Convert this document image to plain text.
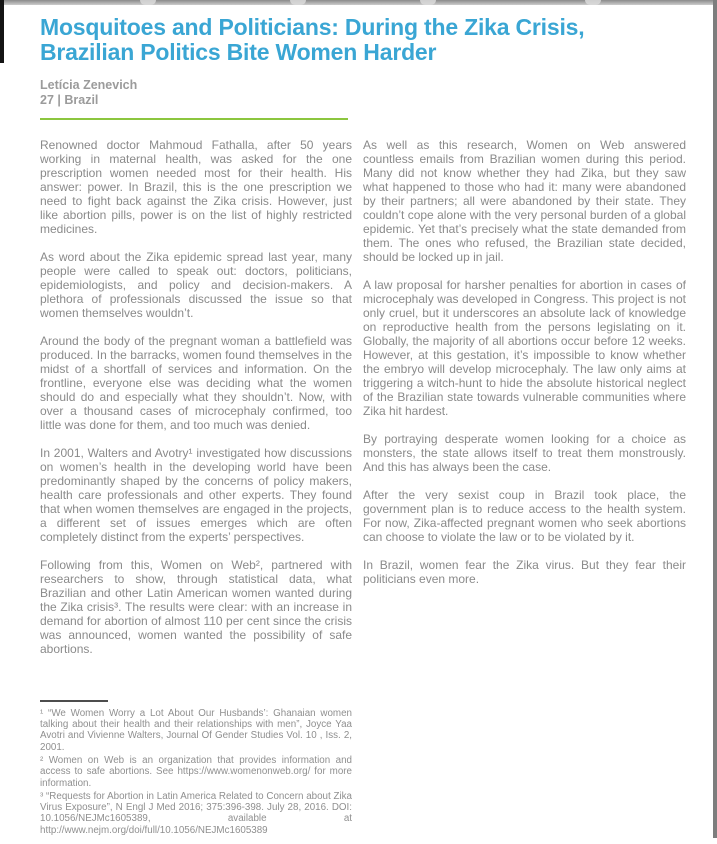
Mosquitoes and Politicians: During the Zika Crisis, Brazilian Politics Bite Women Harder
Letícia Zenevich
27 | Brazil

Renowned doctor Mahmoud Fathalla, after 50 years working in maternal health, was asked for the one prescription women needed most for their health. His answer: power. In Brazil, this is the one prescription we need to fight back against the Zika crisis. However, just like abortion pills, power is on the list of highly restricted medicines.

As word about the Zika epidemic spread last year, many people were called to speak out: doctors, politicians, epidemiologists, and policy and decision-makers. A plethora of professionals discussed the issue so that women themselves wouldn’t.

Around the body of the pregnant woman a battlefield was produced. In the barracks, women found themselves in the midst of a shortfall of services and information. On the frontline, everyone else was deciding what the women should do and especially what they shouldn’t. Now, with over a thousand cases of microcephaly confirmed, too little was done for them, and too much was denied.

In 2001, Walters and Avotry¹ investigated how discussions on women’s health in the developing world have been predominantly shaped by the concerns of policy makers, health care professionals and other experts. They found that when women themselves are engaged in the projects, a different set of issues emerges which are often completely distinct from the experts’ perspectives.

Following from this, Women on Web², partnered with researchers to show, through statistical data, what Brazilian and other Latin American women wanted during the Zika crisis³. The results were clear: with an increase in demand for abortion of almost 110 per cent since the crisis was announced, women wanted the possibility of safe abortions.

¹ “We Women Worry a Lot About Our Husbands’: Ghanaian women talking about their health and their relationships with men”, Joyce Yaa Avotri and Vivienne Walters, Journal Of Gender Studies Vol. 10 , Iss. 2, 2001.

² Women on Web is an organization that provides information and access to safe abortions. See https://www.womenonweb.org/ for more information.

³ “Requests for Abortion in Latin America Related to Concern about Zika Virus Exposure”, N Engl J Med 2016; 375:396-398. July 28, 2016. DOI: 10.1056/NEJMc1605389, available at http://www.nejm.org/doi/full/10.1056/NEJMc1605389

As well as this research, Women on Web answered countless emails from Brazilian women during this period. Many did not know whether they had Zika, but they saw what happened to those who had it: many were abandoned by their partners; all were abandoned by their state. They couldn’t cope alone with the very personal burden of a global epidemic. Yet that’s precisely what the state demanded from them. The ones who refused, the Brazilian state decided, should be locked up in jail.

A law proposal for harsher penalties for abortion in cases of microcephaly was developed in Congress. This project is not only cruel, but it underscores an absolute lack of knowledge on reproductive health from the persons legislating on it. Globally, the majority of all abortions occur before 12 weeks. However, at this gestation, it’s impossible to know whether the embryo will develop microcephaly. The law only aims at triggering a witch-hunt to hide the absolute historical neglect of the Brazilian state towards vulnerable communities where Zika hit hardest.

By portraying desperate women looking for a choice as monsters, the state allows itself to treat them monstrously. And this has always been the case.

After the very sexist coup in Brazil took place, the government plan is to reduce access to the health system. For now, Zika-affected pregnant women who seek abortions can choose to violate the law or to be violated by it.

In Brazil, women fear the Zika virus. But they fear their politicians even more.
